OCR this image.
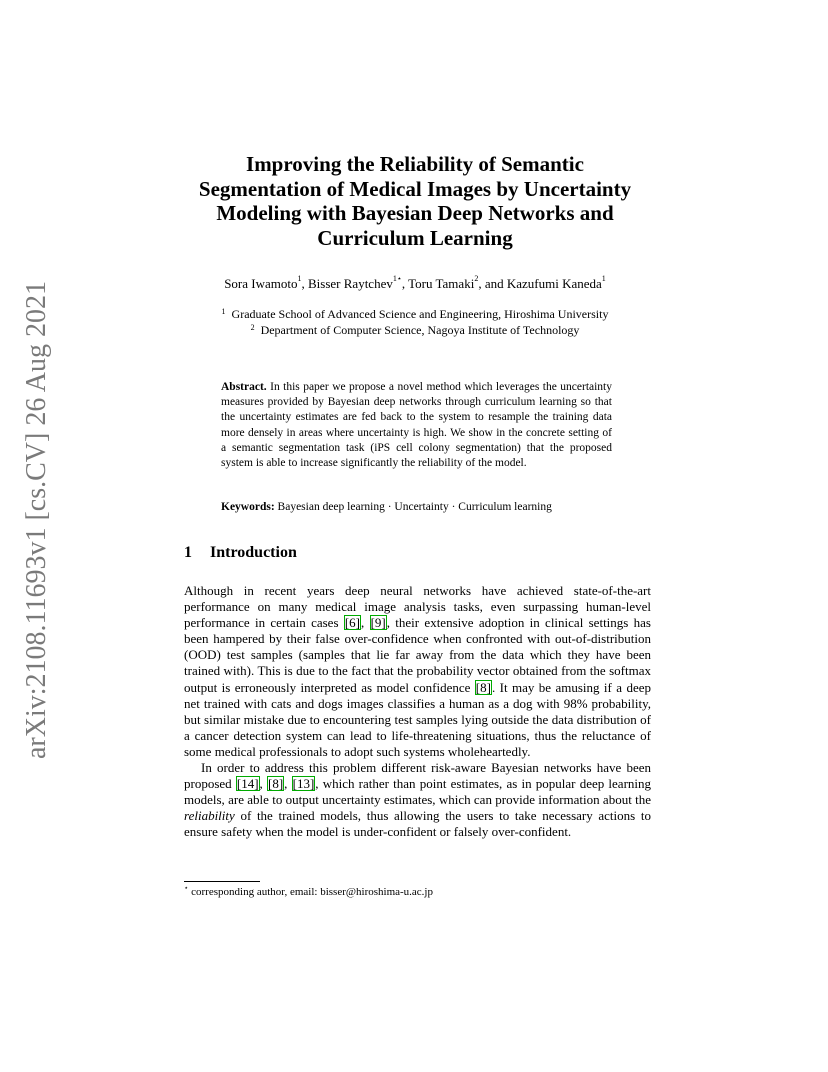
arXiv:2108.11693v1 [cs.CV] 26 Aug 2021
Improving the Reliability of Semantic
Segmentation of Medical Images by Uncertainty
Modeling with Bayesian Deep Networks and
Curriculum Learning
Sora Iwamoto$^1$, Bisser Raytchev$^{1⋆}$, Toru Tamaki$^2$, and Kazufumi Kaneda$^1$
$^1$ Graduate School of Advanced Science and Engineering, Hiroshima University
$^2$ Department of Computer Science, Nagoya Institute of Technology
Abstract. In this paper we propose a novel method which leverages the uncertainty measures provided by Bayesian deep networks through curriculum learning so that the uncertainty estimates are fed back to the system to resample the training data more densely in areas where uncertainty is high. We show in the concrete setting of a semantic segmentation task (iPS cell colony segmentation) that the proposed system is able to increase significantly the reliability of the model.
Keywords: Bayesian deep learning · Uncertainty · Curriculum learning
1 Introduction

Although in recent years deep neural networks have achieved state-of-the-art performance on many medical image analysis tasks, even surpassing human-level performance in certain cases [6], [9], their extensive adoption in clinical settings has been hampered by their false over-confidence when confronted with out-of-distribution (OOD) test samples (samples that lie far away from the data which they have been trained with). This is due to the fact that the probability vector obtained from the softmax output is erroneously interpreted as model confidence [8]. It may be amusing if a deep net trained with cats and dogs images classifies a human as a dog with 98% probability, but similar mistake due to encountering test samples lying outside the data distribution of a cancer detection system can lead to life-threatening situations, thus the reluctance of some medical professionals to adopt such systems wholeheartedly.

In order to address this problem different risk-aware Bayesian networks have been proposed [14], [8], [13], which rather than point estimates, as in popular deep learning models, are able to output uncertainty estimates, which can provide information about the reliability of the trained models, thus allowing the users to take necessary actions to ensure safety when the model is under-confident or falsely over-confident.

⋆ corresponding author, email: bisser@hiroshima-u.ac.jp
